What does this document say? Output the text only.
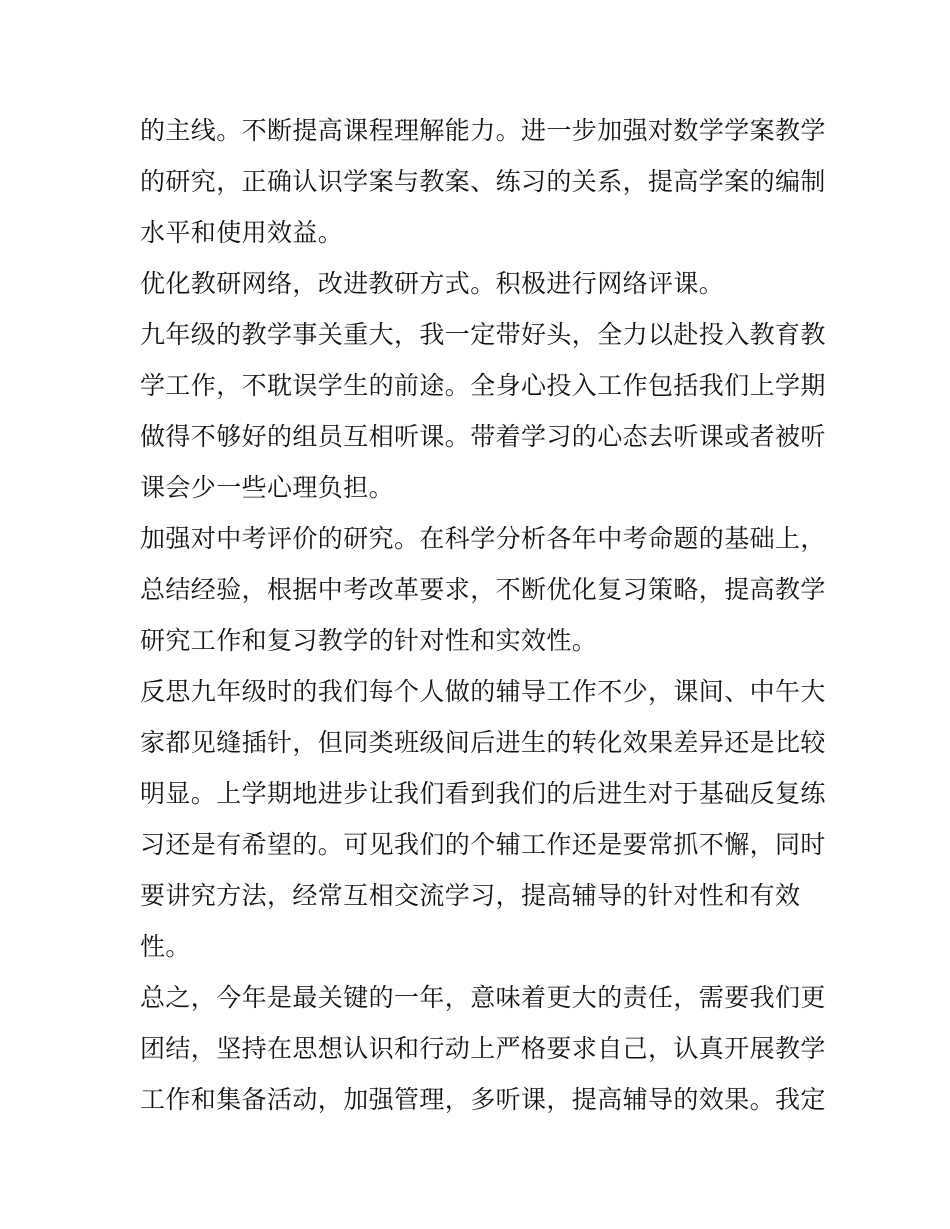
的主线。不断提高课程理解能力。进一步加强对数学学案教学
的研究，正确认识学案与教案、练习的关系，提高学案的编制
水平和使用效益。
优化教研网络，改进教研方式。积极进行网络评课。
九年级的教学事关重大，我一定带好头，全力以赴投入教育教
学工作，不耽误学生的前途。全身心投入工作包括我们上学期
做得不够好的组员互相听课。带着学习的心态去听课或者被听
课会少一些心理负担。
加强对中考评价的研究。在科学分析各年中考命题的基础上，
总结经验，根据中考改革要求，不断优化复习策略，提高教学
研究工作和复习教学的针对性和实效性。
反思九年级时的我们每个人做的辅导工作不少，课间、中午大
家都见缝插针，但同类班级间后进生的转化效果差异还是比较
明显。上学期地进步让我们看到我们的后进生对于基础反复练
习还是有希望的。可见我们的个辅工作还是要常抓不懈，同时
要讲究方法，经常互相交流学习，提高辅导的针对性和有效
性。
总之，今年是最关键的一年，意味着更大的责任，需要我们更
团结，坚持在思想认识和行动上严格要求自己，认真开展教学
工作和集备活动，加强管理，多听课，提高辅导的效果。我定
